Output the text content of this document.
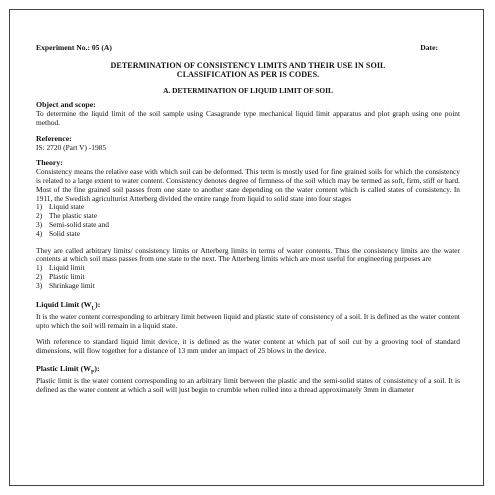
Experiment No.: 05 (A)	Date:
DETERMINATION OF CONSISTENCY LIMITS AND THEIR USE IN SOIL
CLASSIFICATION AS PER IS CODES.
A. DETERMINATION OF LIQUID LIMIT OF SOIL
Object and scope:

To determine the liquid limit of the soil sample using Casagrande type mechanical liquid limit apparatus and plot graph using one point method.

Reference:

IS: 2720 (Part V) -1985

Theory:

Consistency means the relative ease with which soil can be deformed. This term is mostly used for fine grained soils for which the consistency is related to a large extent to water content. Consistency denotes degree of firmness of the soil which may be termed as soft, firm, stiff or hard. Most of the fine grained soil passes from one state to another state depending on the water content which is called states of consistency. In 1911, the Swedish agriculturist Atterberg divided the entire range from liquid to solid state into four stages

1) Liquid state
2) The plastic state
3) Semi-solid state and
4) Solid state

They are called arbitrary limits/ consistency limits or Atterberg limits in terms of water contents. Thus the consistency limits are the water contents at which soil mass passes from one state to the next. The Atterberg limits which are most useful for engineering purposes are

1) Liquid limit
2) Plastic limit
3) Shrinkage limit
Liquid Limit $(W_L)$:

It is the water content corresponding to arbitrary limit between liquid and plastic state of consistency of a soil. It is defined as the water content upto which the soil will remain in a liquid state.

With reference to standard liquid limit device, it is defined as the water content at which pat of soil cut by a grooving tool of standard dimensions, will flow together for a distance of 13 mm under an impact of 25 blows in the device.

Plastic Limit $(W_P)$:

Plastic limit is the water content corresponding to an arbitrary limit between the plastic and the semi-solid states of consistency of a soil. It is defined as the water content at which a soil will just begin to crumble when rolled into a thread approximately 3mm in diameter
